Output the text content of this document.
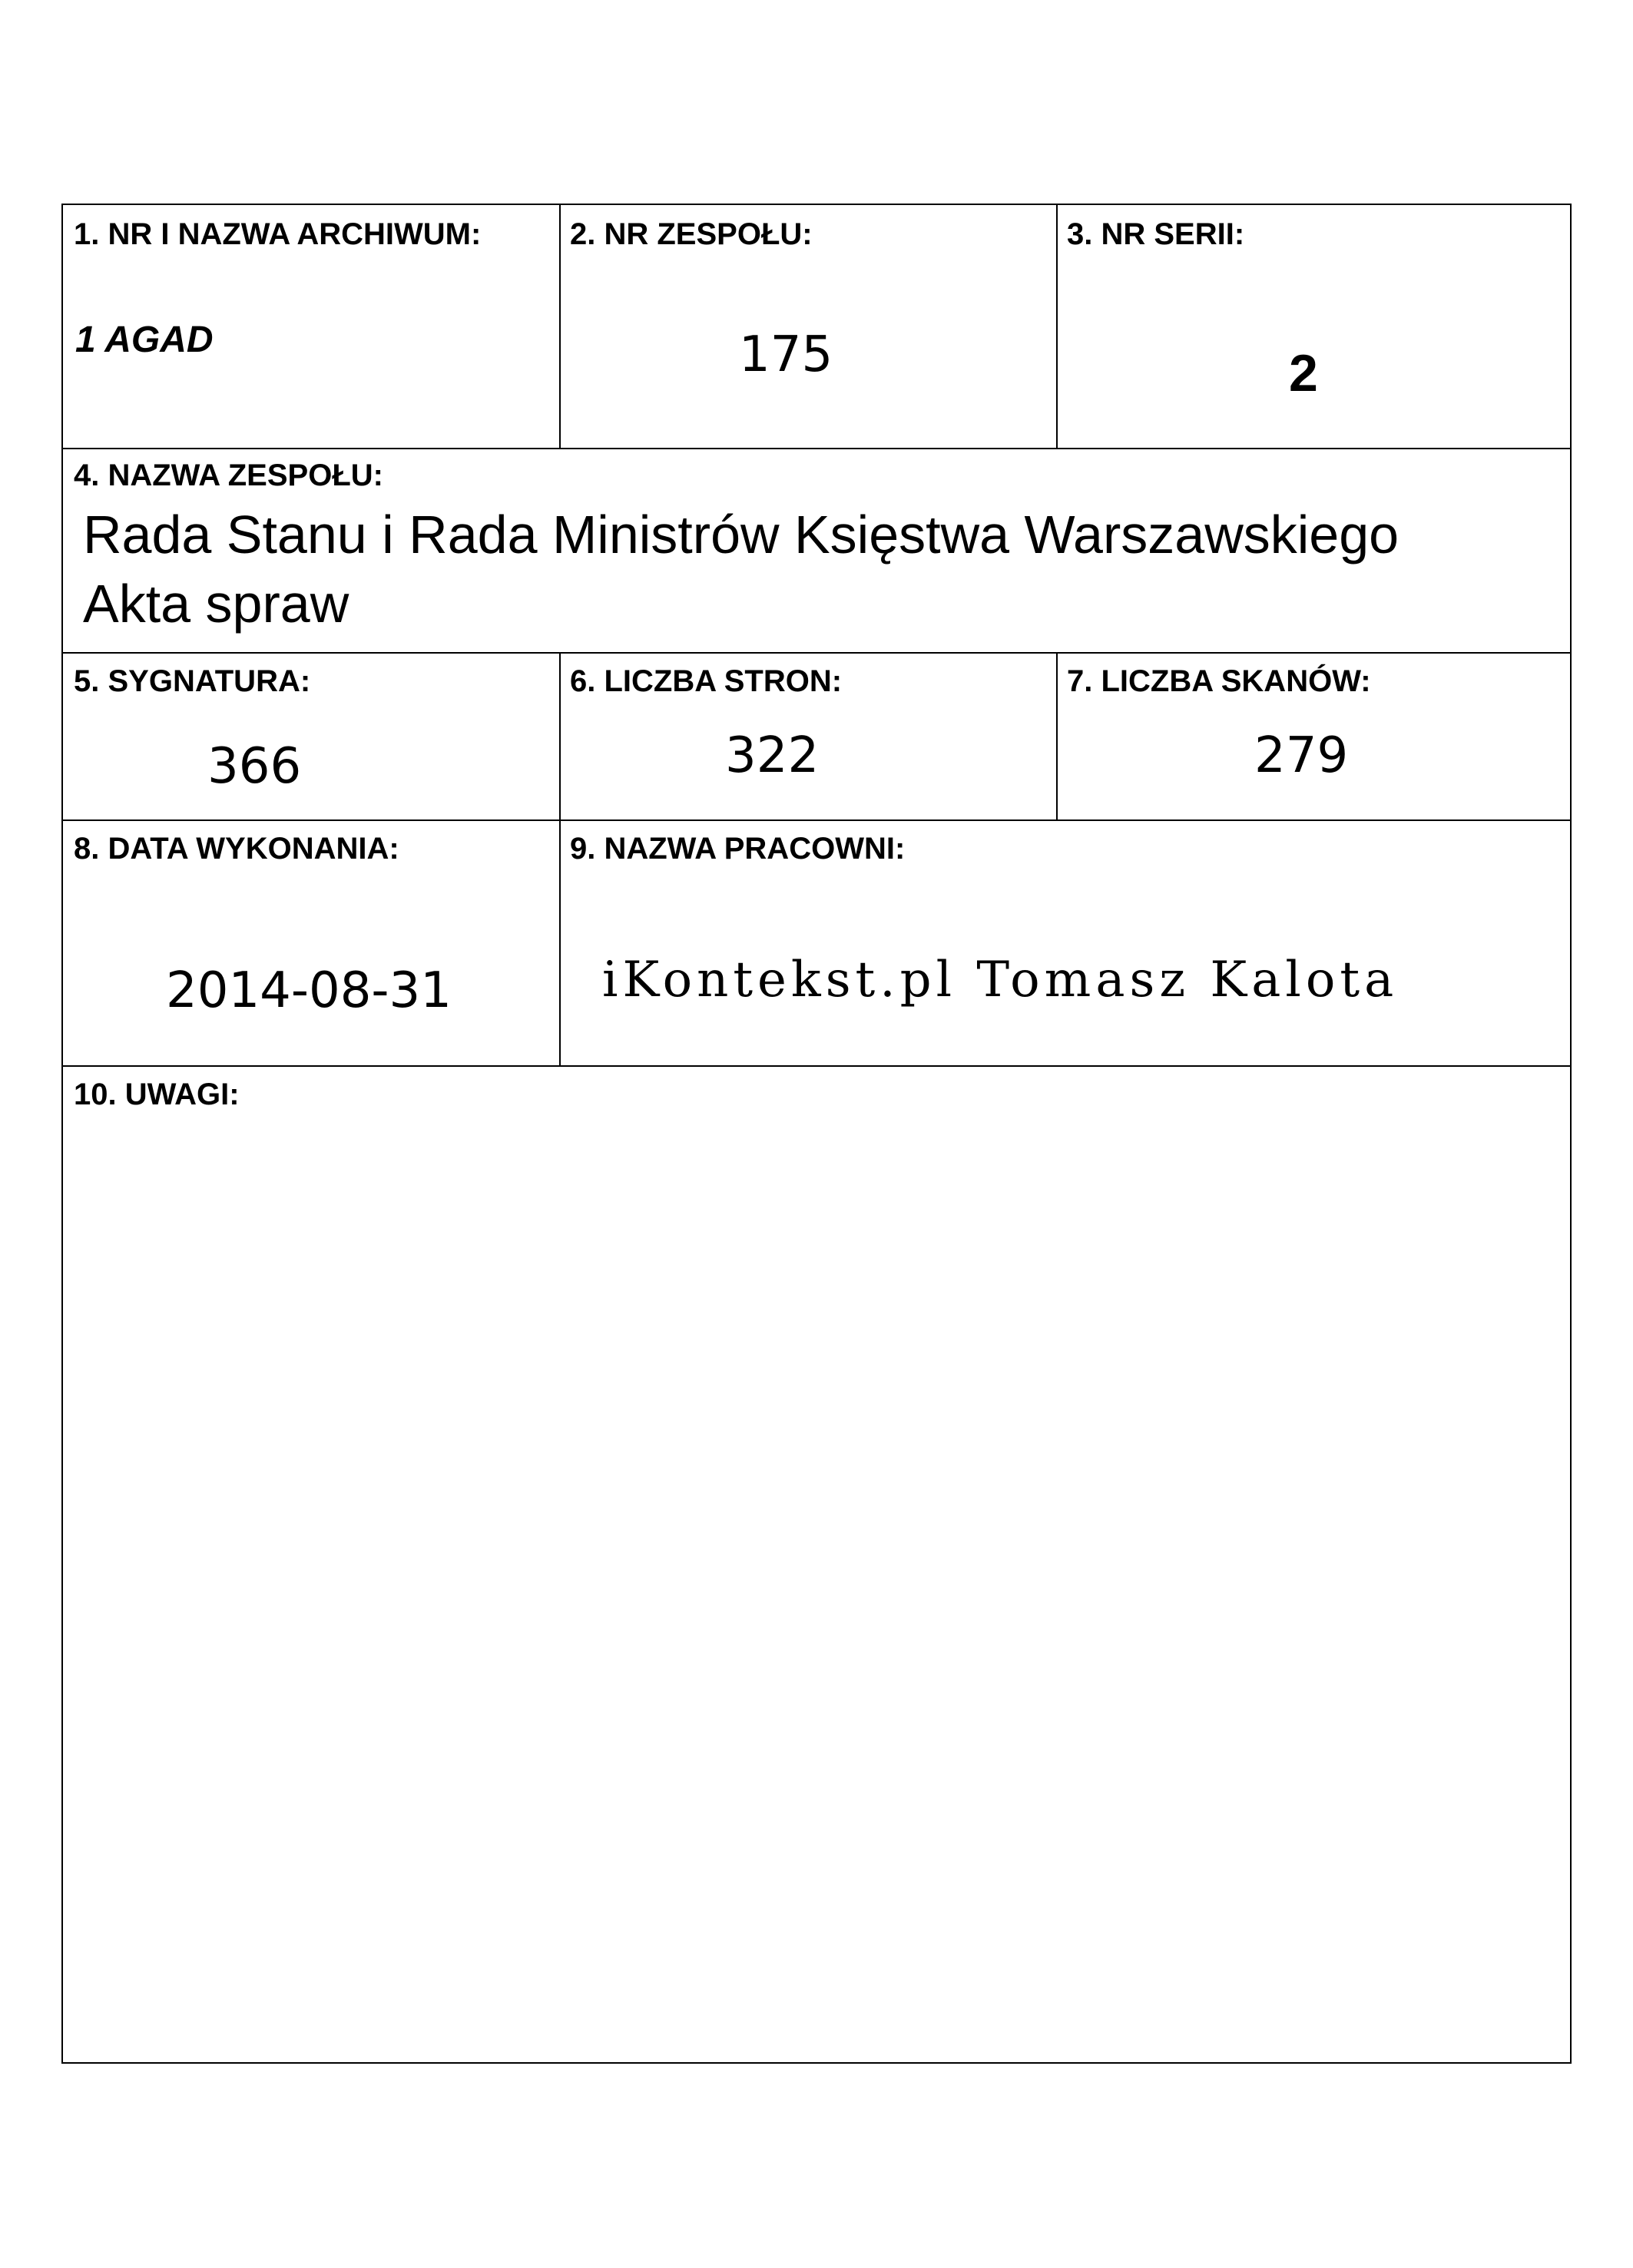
1. NR I NAZWA ARCHIWUM:
1 AGAD
2. NR ZESPOŁU:
175
3. NR SERII:
2
4. NAZWA ZESPOŁU:
Rada Stanu i Rada Ministrów Księstwa Warszawskiego
Akta spraw
5. SYGNATURA:
366
6. LICZBA STRON:
322
7. LICZBA SKANÓW:
279
8. DATA WYKONANIA:
2014-08-31
9. NAZWA PRACOWNI:
iKontekst.pl Tomasz Kalota
10. UWAGI:
